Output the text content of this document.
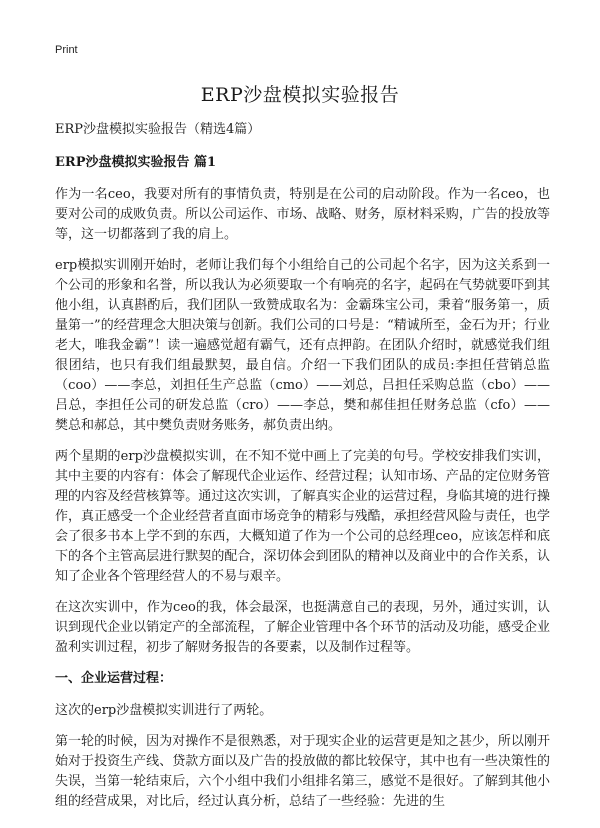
Print
ERP沙盘模拟实验报告

ERP沙盘模拟实验报告（精选4篇）

ERP沙盘模拟实验报告 篇1

作为一名ceo，我要对所有的事情负责，特别是在公司的启动阶段。作为一名ceo，也要对公司的成败负责。所以公司运作、市场、战略、财务，原材料采购，广告的投放等等，这一切都落到了我的肩上。

erp模拟实训刚开始时，老师让我们每个小组给自己的公司起个名字，因为这关系到一个公司的形象和名誉，所以我认为必须要取一个有响亮的名字，起码在气势就要吓到其他小组，认真斟酌后，我们团队一致赞成取名为：金霸珠宝公司，秉着“服务第一，质量第一”的经营理念大胆决策与创新。我们公司的口号是：“精诚所至，金石为开；行业老大，唯我金霸”！读一遍感觉超有霸气，还有点押韵。在团队介绍时，就感觉我们组很团结，也只有我们组最默契，最自信。介绍一下我们团队的成员:李担任营销总监（coo）——李总，刘担任生产总监（cmo）——刘总，吕担任采购总监（cbo）——吕总，李担任公司的研发总监（cro）——李总，樊和郝佳担任财务总监（cfo）——樊总和郝总，其中樊负责财务账务，郝负责出纳。

两个星期的erp沙盘模拟实训，在不知不觉中画上了完美的句号。学校安排我们实训，其中主要的内容有：体会了解现代企业运作、经营过程；认知市场、产品的定位财务管理的内容及经营核算等。通过这次实训，了解真实企业的运营过程，身临其境的进行操作，真正感受一个企业经营者直面市场竞争的精彩与残酷，承担经营风险与责任，也学会了很多书本上学不到的东西，大概知道了作为一个公司的总经理ceo，应该怎样和底下的各个主管高层进行默契的配合，深切体会到团队的精神以及商业中的合作关系，认知了企业各个管理经营人的不易与艰辛。

在这次实训中，作为ceo的我，体会最深，也挺满意自己的表现，另外，通过实训，认识到现代企业以销定产的全部流程，了解企业管理中各个环节的活动及功能，感受企业盈利实训过程，初步了解财务报告的各要素，以及制作过程等。

一、企业运营过程：

这次的erp沙盘模拟实训进行了两轮。

第一轮的时候，因为对操作不是很熟悉，对于现实企业的运营更是知之甚少，所以刚开始对于投资生产线、贷款方面以及广告的投放做的都比较保守，其中也有一些决策性的失误，当第一轮结束后，六个小组中我们小组排名第三，感觉不是很好。了解到其他小组的经营成果，对比后，经过认真分析，总结了一些经验：先进的生
